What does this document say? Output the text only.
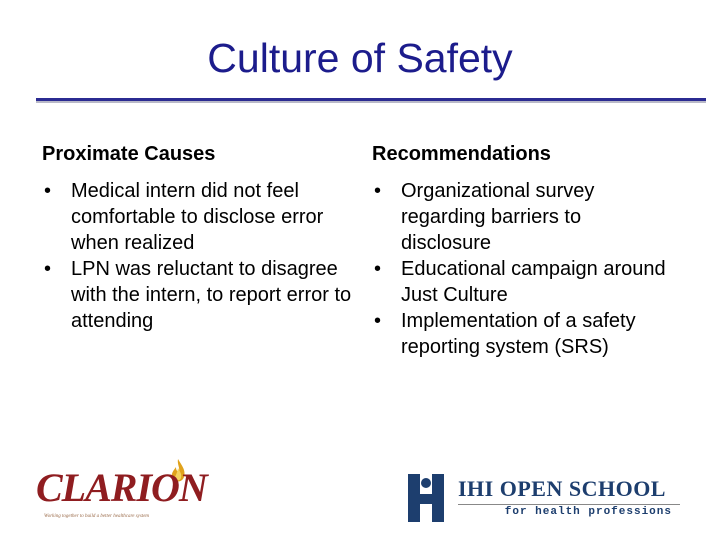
Culture of Safety
Proximate Causes
• Medical intern did not feel comfortable to disclose error when realized
• LPN was reluctant to disagree with the intern, to report error to attending
Recommendations
• Organizational survey regarding barriers to disclosure
• Educational campaign around Just Culture
• Implementation of a safety reporting system (SRS)
CLARION
Working together to build a better healthcare system
IHI OPEN SCHOOL
for health professions
